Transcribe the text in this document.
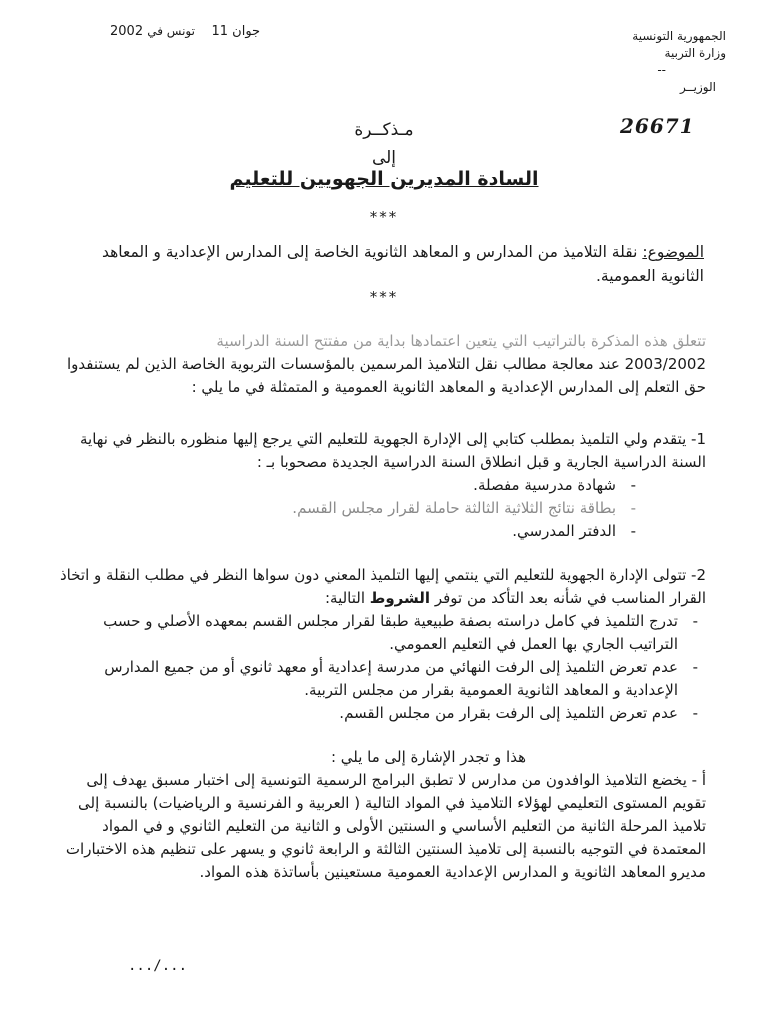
الجمهورية التونسية
وزارة التربية
--
الوزيــر
2002 جوان 11    تونس في
26671
مـذكــرة
إلى
السادة المديرين الجهويين للتعليم
***
الموضوع: نقلة التلاميذ من المدارس و المعاهد الثانوية الخاصة إلى المدارس الإعدادية و المعاهد الثانوية العمومية.
***
تتعلق هذه المذكرة بالتراتيب التي يتعين اعتمادها بداية من مفتتح السنة الدراسية
2003/2002 عند معالجة مطالب نقل التلاميذ المرسمين بالمؤسسات التربوية الخاصة الذين لم يستنفدوا حق التعلم إلى المدارس الإعدادية و المعاهد الثانوية العمومية و المتمثلة في ما يلي :
1- يتقدم ولي التلميذ بمطلب كتابي إلى الإدارة الجهوية للتعليم التي يرجع إليها منظوره بالنظر في نهاية السنة الدراسية الجارية و قبل انطلاق السنة الدراسية الجديدة مصحوبا بـ :
- شهادة مدرسية مفصلة.
- بطاقة نتائج الثلاثية الثالثة حاملة لقرار مجلس القسم.
- الدفتر المدرسي.
2- تتولى الإدارة الجهوية للتعليم التي ينتمي إليها التلميذ المعني دون سواها النظر في مطلب النقلة و اتخاذ القرار المناسب في شأنه بعد التأكد من توفر الشروط التالية:
- تدرج التلميذ في كامل دراسته بصفة طبيعية طبقا لقرار مجلس القسم بمعهده الأصلي و حسب التراتيب الجاري بها العمل في التعليم العمومي.
- عدم تعرض التلميذ إلى الرفت النهائي من مدرسة إعدادية أو معهد ثانوي أو من جميع المدارس الإعدادية و المعاهد الثانوية العمومية بقرار من مجلس التربية.
- عدم تعرض التلميذ إلى الرفت بقرار من مجلس القسم.
هذا و تجدر الإشارة إلى ما يلي :
أ - يخضع التلاميذ الوافدون من مدارس لا تطبق البرامج الرسمية التونسية إلى اختبار مسبق يهدف إلى تقويم المستوى التعليمي لهؤلاء التلاميذ في المواد التالية ( العربية و الفرنسية و الرياضيات) بالنسبة إلى تلاميذ المرحلة الثانية من التعليم الأساسي و السنتين الأولى و الثانية من التعليم الثانوي و في المواد المعتمدة في التوجيه بالنسبة إلى تلاميذ السنتين الثالثة و الرابعة ثانوي و يسهر على تنظيم هذه الاختبارات مديرو المعاهد الثانوية و المدارس الإعدادية العمومية مستعينين بأساتذة هذه المواد.
.../...
